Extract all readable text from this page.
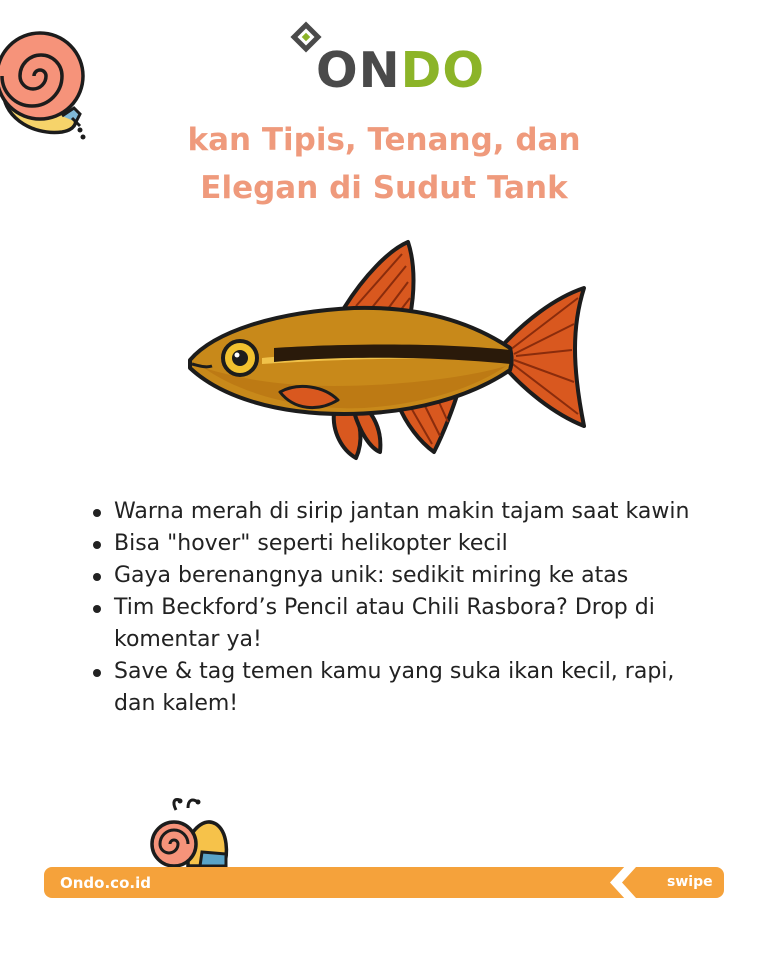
ONDO
kan Tipis, Tenang, dan
Elegan di Sudut Tank
Warna merah di sirip jantan makin tajam saat kawin
Bisa "hover" seperti helikopter kecil
Gaya berenangnya unik: sedikit miring ke atas
Tim Beckford’s Pencil atau Chili Rasbora? Drop di komentar ya!
Save & tag temen kamu yang suka ikan kecil, rapi, dan kalem!
Ondo.co.id	swipe
